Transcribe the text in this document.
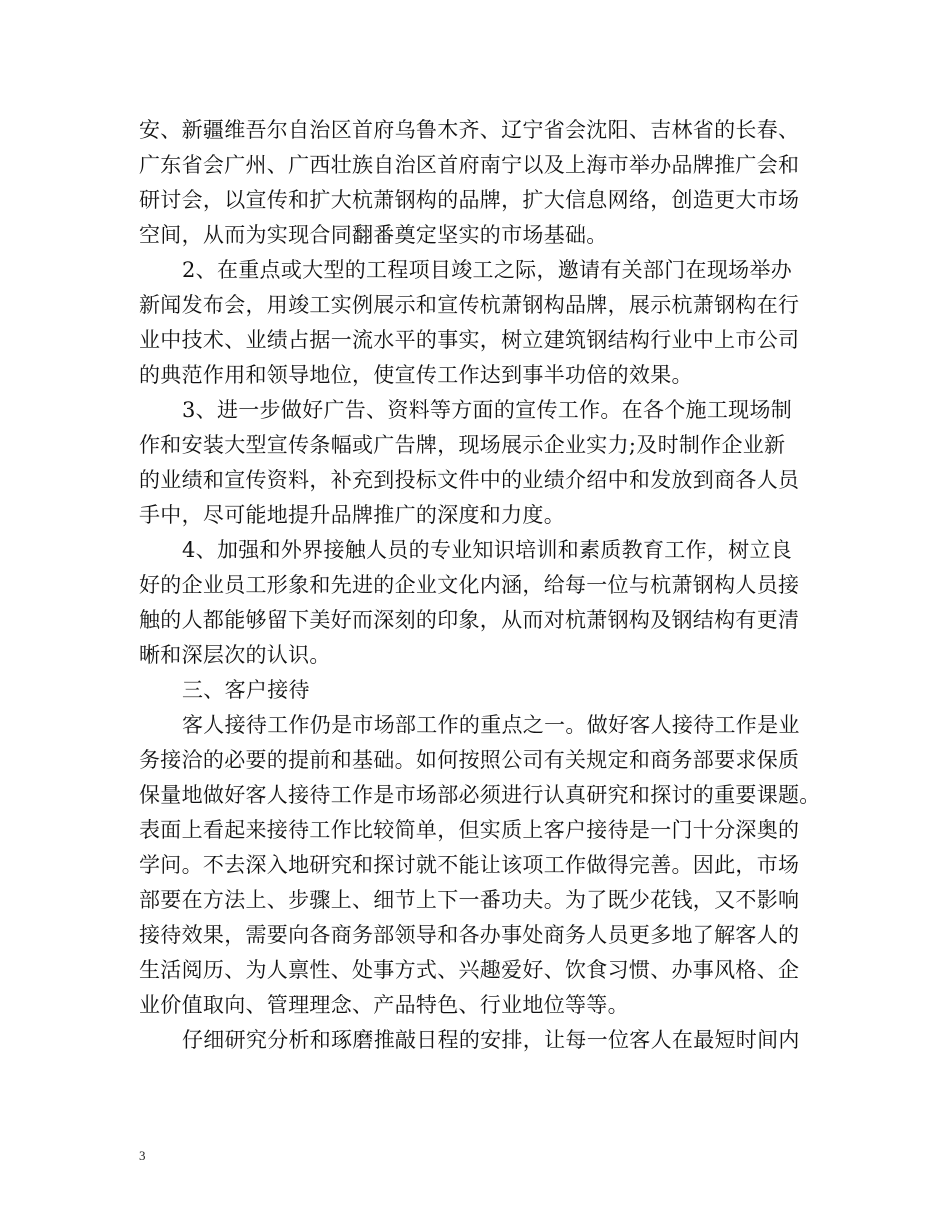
安、新疆维吾尔自治区首府乌鲁木齐、辽宁省会沈阳、吉林省的长春、
广东省会广州、广西壮族自治区首府南宁以及上海市举办品牌推广会和
研讨会，以宣传和扩大杭萧钢构的品牌，扩大信息网络，创造更大市场
空间，从而为实现合同翻番奠定坚实的市场基础。
2、在重点或大型的工程项目竣工之际，邀请有关部门在现场举办
新闻发布会，用竣工实例展示和宣传杭萧钢构品牌，展示杭萧钢构在行
业中技术、业绩占据一流水平的事实，树立建筑钢结构行业中上市公司
的典范作用和领导地位，使宣传工作达到事半功倍的效果。
3、进一步做好广告、资料等方面的宣传工作。在各个施工现场制
作和安装大型宣传条幅或广告牌，现场展示企业实力;及时制作企业新
的业绩和宣传资料，补充到投标文件中的业绩介绍中和发放到商各人员
手中，尽可能地提升品牌推广的深度和力度。
4、加强和外界接触人员的专业知识培训和素质教育工作，树立良
好的企业员工形象和先进的企业文化内涵，给每一位与杭萧钢构人员接
触的人都能够留下美好而深刻的印象，从而对杭萧钢构及钢结构有更清
晰和深层次的认识。
三、客户接待
客人接待工作仍是市场部工作的重点之一。做好客人接待工作是业
务接洽的必要的提前和基础。如何按照公司有关规定和商务部要求保质
保量地做好客人接待工作是市场部必须进行认真研究和探讨的重要课题。
表面上看起来接待工作比较简单，但实质上客户接待是一门十分深奥的
学问。不去深入地研究和探讨就不能让该项工作做得完善。因此，市场
部要在方法上、步骤上、细节上下一番功夫。为了既少花钱，又不影响
接待效果，需要向各商务部领导和各办事处商务人员更多地了解客人的
生活阅历、为人禀性、处事方式、兴趣爱好、饮食习惯、办事风格、企
业价值取向、管理理念、产品特色、行业地位等等。
仔细研究分析和琢磨推敲日程的安排，让每一位客人在最短时间内
3
